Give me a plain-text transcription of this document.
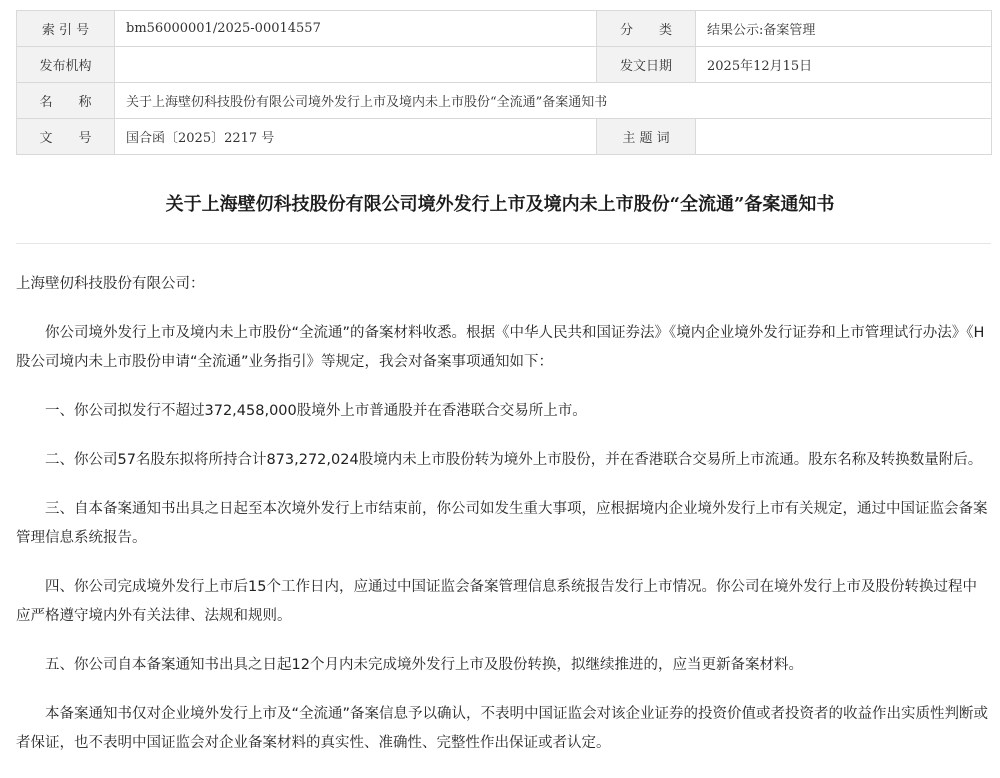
索 引 号	bm56000001/2025-00014557	分　　类	结果公示:备案管理
发布机构		发文日期	2025年12月15日
名　　称	关于上海壁仞科技股份有限公司境外发行上市及境内未上市股份“全流通”备案通知书		
文　　号	国合函〔2025〕2217 号	主 题 词	
关于上海壁仞科技股份有限公司境外发行上市及境内未上市股份“全流通”备案通知书

上海壁仞科技股份有限公司：

你公司境外发行上市及境内未上市股份“全流通”的备案材料收悉。根据《中华人民共和国证券法》《境内企业境外发行证券和上市管理试行办法》《H股公司境内未上市股份申请“全流通”业务指引》等规定，我会对备案事项通知如下：

一、你公司拟发行不超过372,458,000股境外上市普通股并在香港联合交易所上市。

二、你公司57名股东拟将所持合计873,272,024股境内未上市股份转为境外上市股份，并在香港联合交易所上市流通。股东名称及转换数量附后。

三、自本备案通知书出具之日起至本次境外发行上市结束前，你公司如发生重大事项，应根据境内企业境外发行上市有关规定，通过中国证监会备案管理信息系统报告。

四、你公司完成境外发行上市后15个工作日内，应通过中国证监会备案管理信息系统报告发行上市情况。你公司在境外发行上市及股份转换过程中应严格遵守境内外有关法律、法规和规则。

五、你公司自本备案通知书出具之日起12个月内未完成境外发行上市及股份转换，拟继续推进的，应当更新备案材料。

本备案通知书仅对企业境外发行上市及“全流通”备案信息予以确认，不表明中国证监会对该企业证券的投资价值或者投资者的收益作出实质性判断或者保证，也不表明中国证监会对企业备案材料的真实性、准确性、完整性作出保证或者认定。
